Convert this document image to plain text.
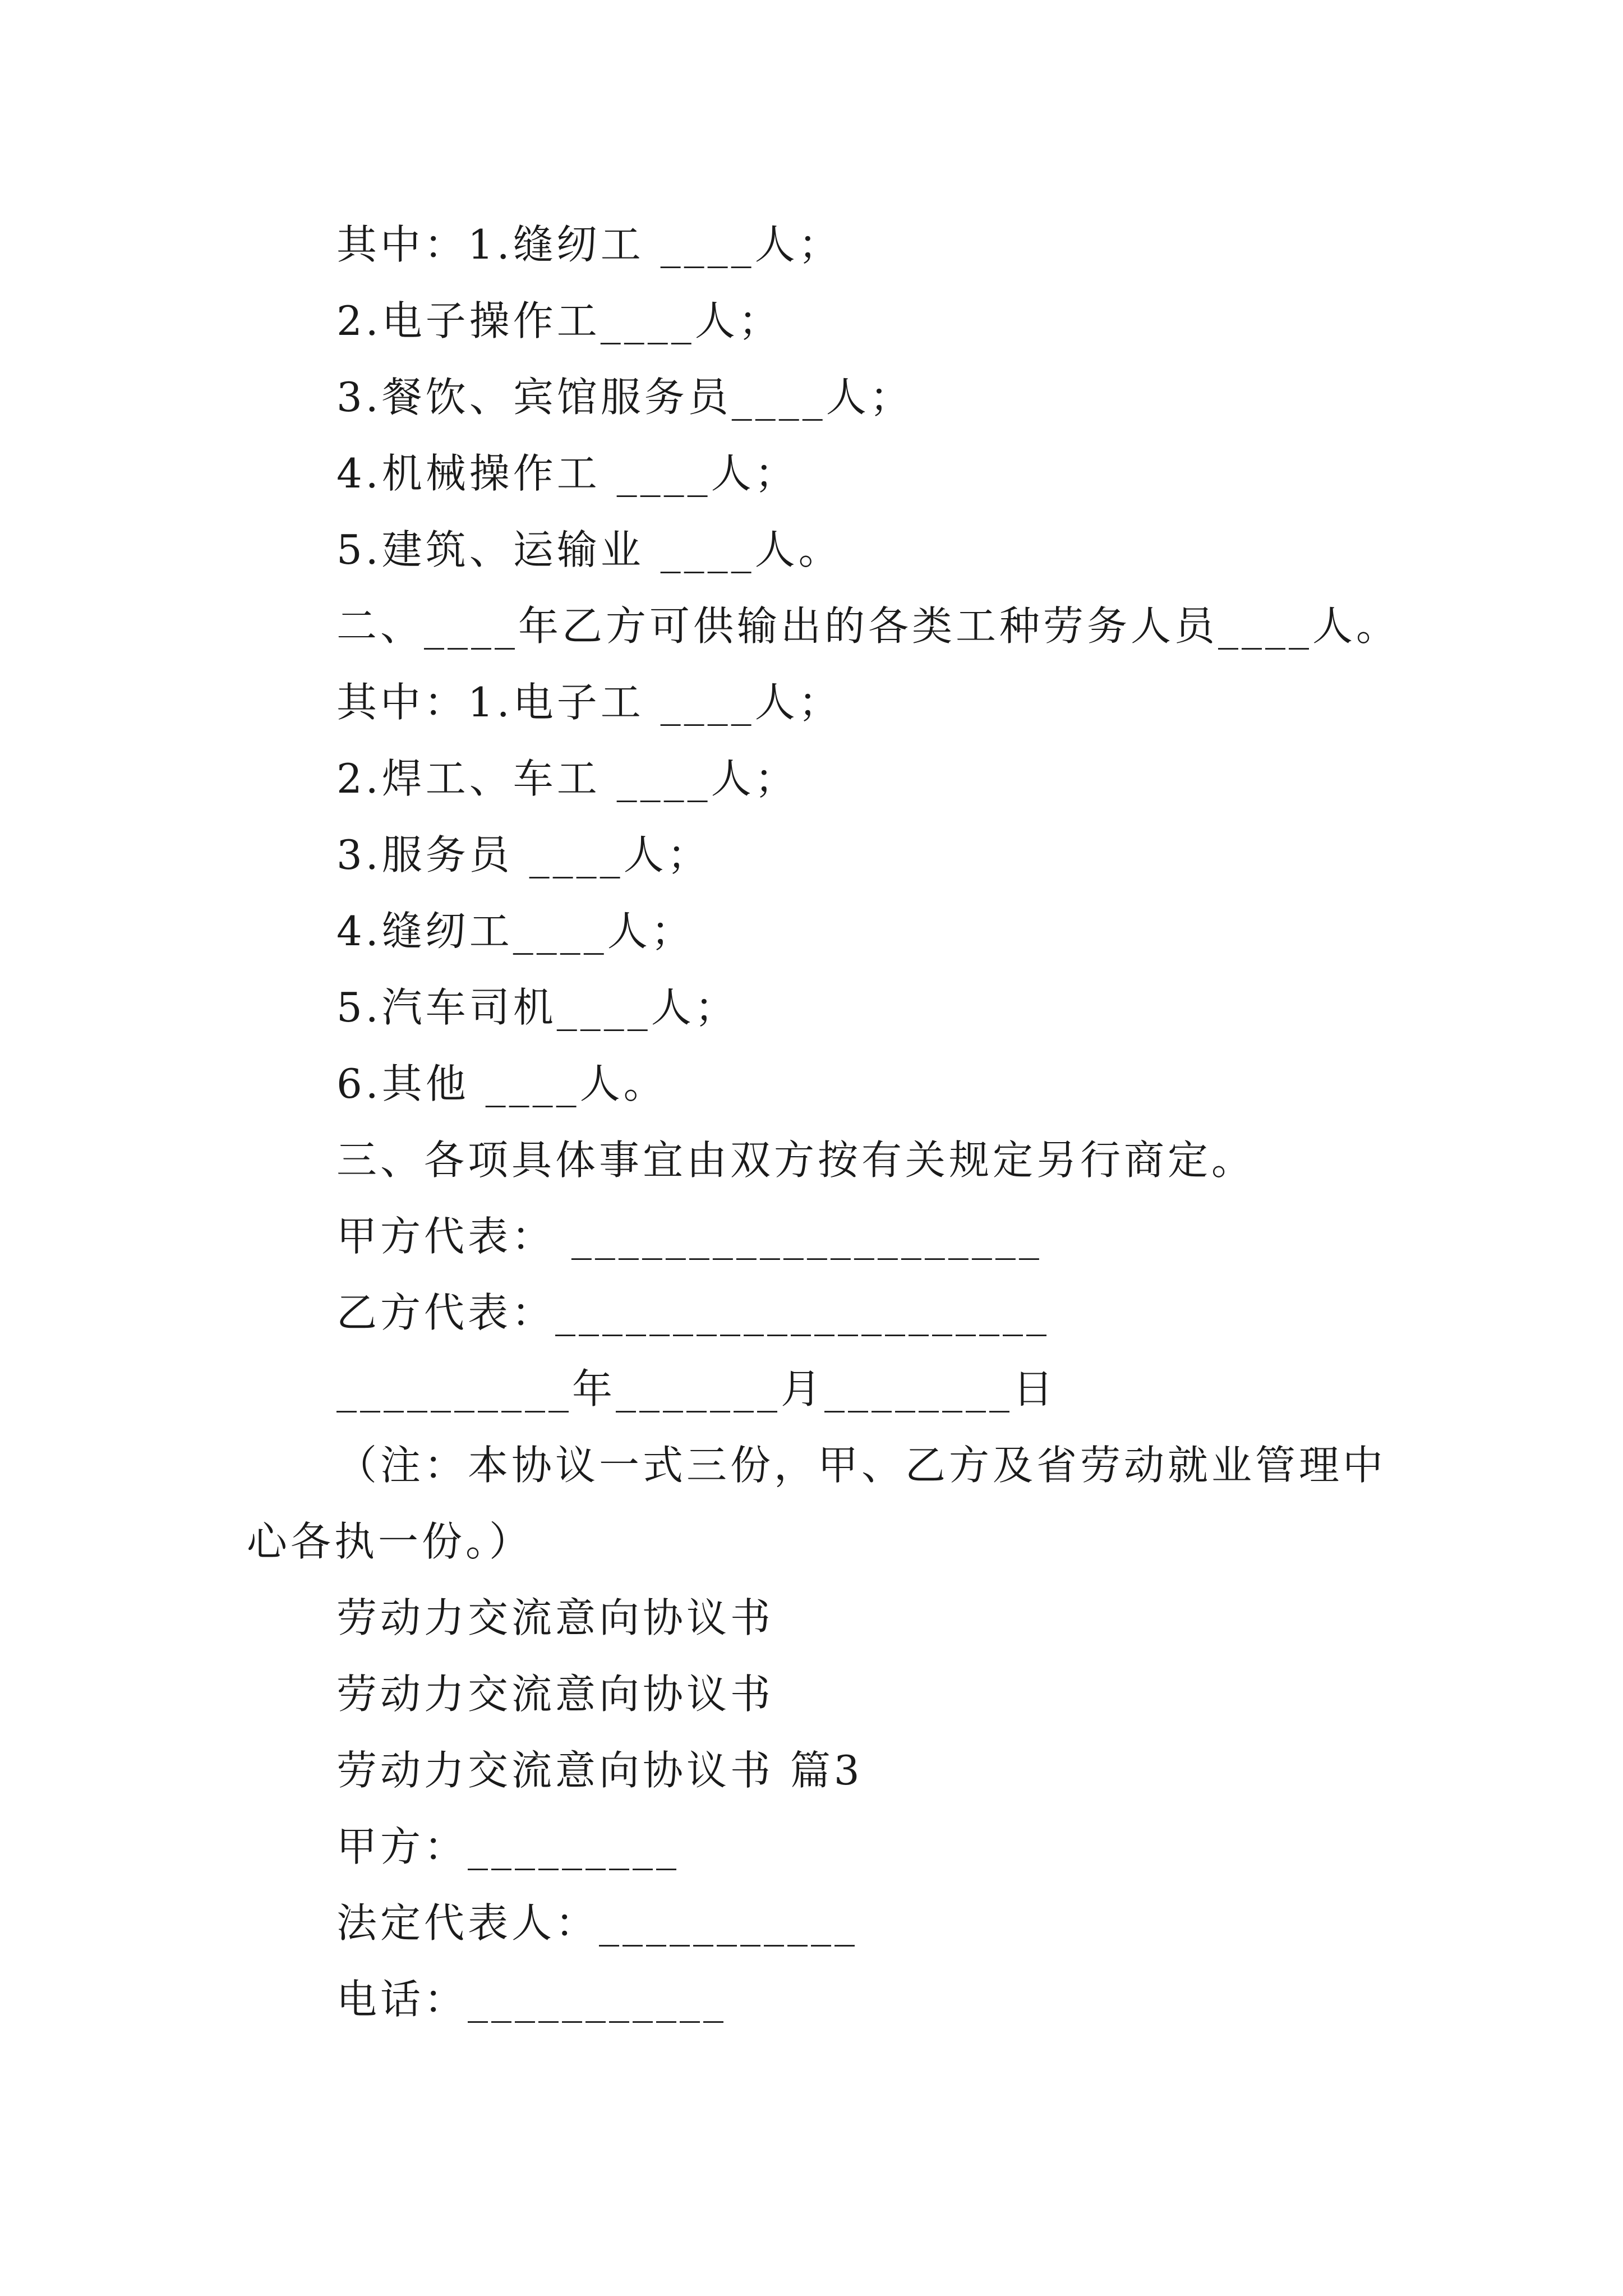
其中：1.缝纫工 ____人；
2.电子操作工____人；
3.餐饮、宾馆服务员____人；
4.机械操作工 ____人；
5.建筑、运输业 ____人。
二、____年乙方可供输出的各类工种劳务人员____人。
其中：1.电子工 ____人；
2.焊工、车工 ____人；
3.服务员 ____人；
4.缝纫工____人；
5.汽车司机____人；
6.其他 ____人。
三、各项具体事宜由双方按有关规定另行商定。
甲方代表： ____________________
乙方代表：_____________________
__________年_______月________日
（注：本协议一式三份，甲、乙方及省劳动就业管理中
心各执一份。）
劳动力交流意向协议书
劳动力交流意向协议书
劳动力交流意向协议书 篇3
甲方：_________
法定代表人：___________
电话：___________
